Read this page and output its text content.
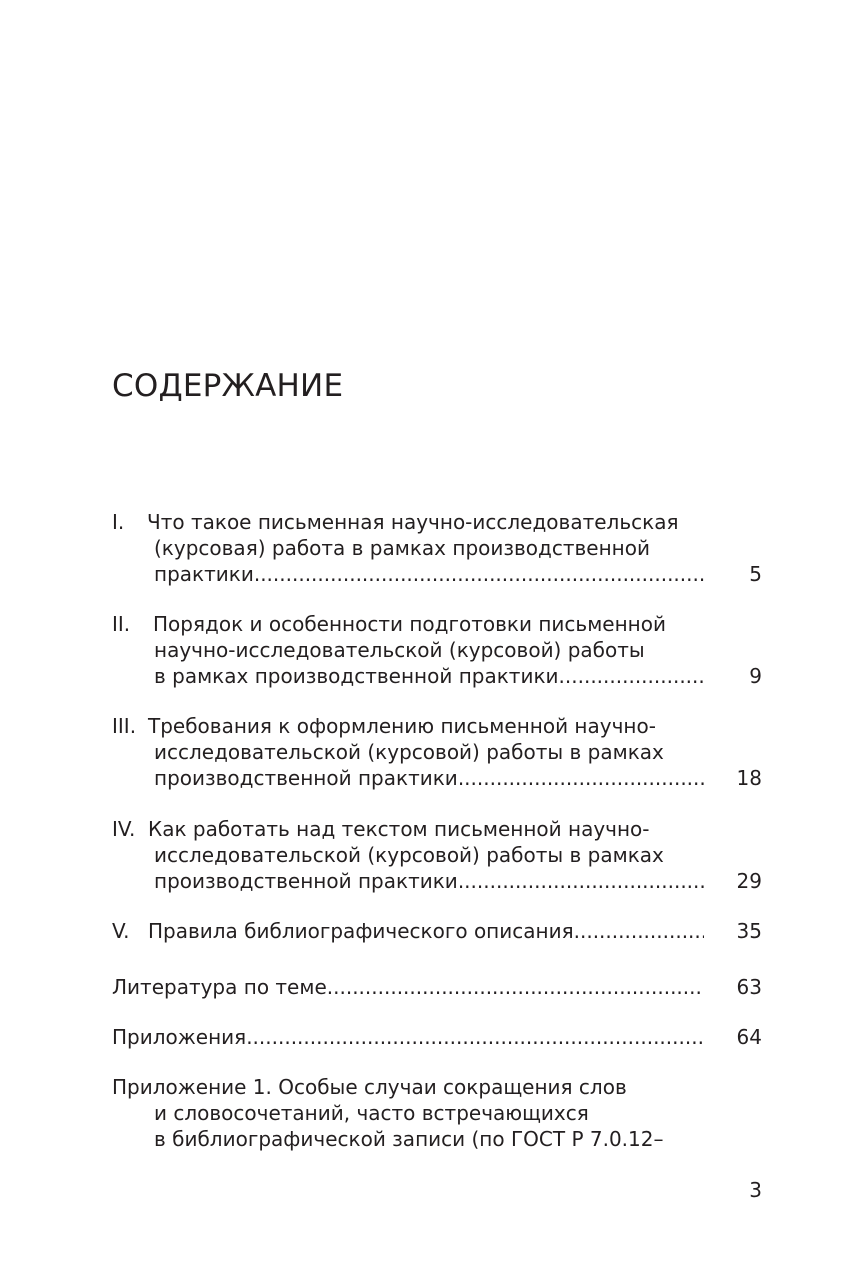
СОДЕРЖАНИЕ
I. Что такое письменная научно-исследовательская
(курсовая) работа в рамках производственной
практики .....	5
II. Порядок и особенности подготовки письменной
научно-исследовательской (курсовой) работы
в рамках производственной практики .....	9
III. Требования к оформлению письменной научно-
исследовательской (курсовой) работы в рамках
производственной практики .....	18
IV. Как работать над текстом письменной научно-
исследовательской (курсовой) работы в рамках
производственной практики .....	29
V. Правила библиографического описания .....	35
Литература по теме .....	63
Приложения .....	64
Приложение 1. Особые случаи сокращения слов
и словосочетаний, часто встречающихся
в библиографической записи (по ГОСТ Р 7.0.12–
3
